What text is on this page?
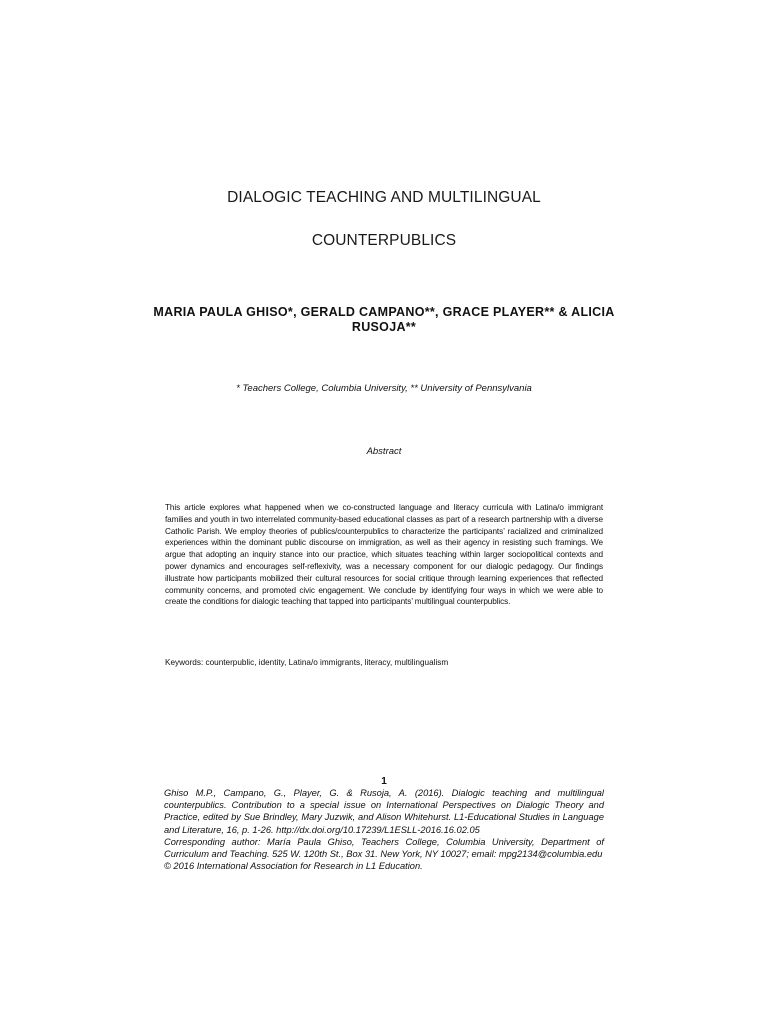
DIALOGIC TEACHING AND MULTILINGUAL
COUNTERPUBLICS
MARIA PAULA GHISO*, GERALD CAMPANO**, GRACE PLAYER** & ALICIA RUSOJA**
* Teachers College, Columbia University, ** University of Pennsylvania
Abstract
This article explores what happened when we co-constructed language and literacy curricula with Latina/o immigrant families and youth in two interrelated community-based educational classes as part of a research partnership with a diverse Catholic Parish. We employ theories of publics/counterpublics to characterize the participants’ racialized and criminalized experiences within the dominant public discourse on immigration, as well as their agency in resisting such framings. We argue that adopting an inquiry stance into our practice, which situates teaching within larger sociopolitical contexts and power dynamics and encourages self-reflexivity, was a necessary component for our dialogic pedagogy. Our findings illustrate how participants mobilized their cultural resources for social critique through learning experiences that reflected community concerns, and promoted civic engagement. We conclude by identifying four ways in which we were able to create the conditions for dialogic teaching that tapped into participants’ multilingual counterpublics.
Keywords: counterpublic, identity, Latina/o immigrants, literacy, multilingualism
1

Ghiso M.P., Campano, G., Player, G. & Rusoja, A. (2016). Dialogic teaching and multilingual counterpublics. Contribution to a special issue on International Perspectives on Dialogic Theory and Practice, edited by Sue Brindley, Mary Juzwik, and Alison Whitehurst. L1-Educational Studies in Language and Literature, 16, p. 1-26. http://dx.doi.org/10.17239/L1ESLL-2016.16.02.05

Corresponding author: María Paula Ghiso, Teachers College, Columbia University, Department of Curriculum and Teaching. 525 W. 120th St., Box 31. New York, NY 10027; email: mpg2134@columbia.edu

© 2016 International Association for Research in L1 Education.
